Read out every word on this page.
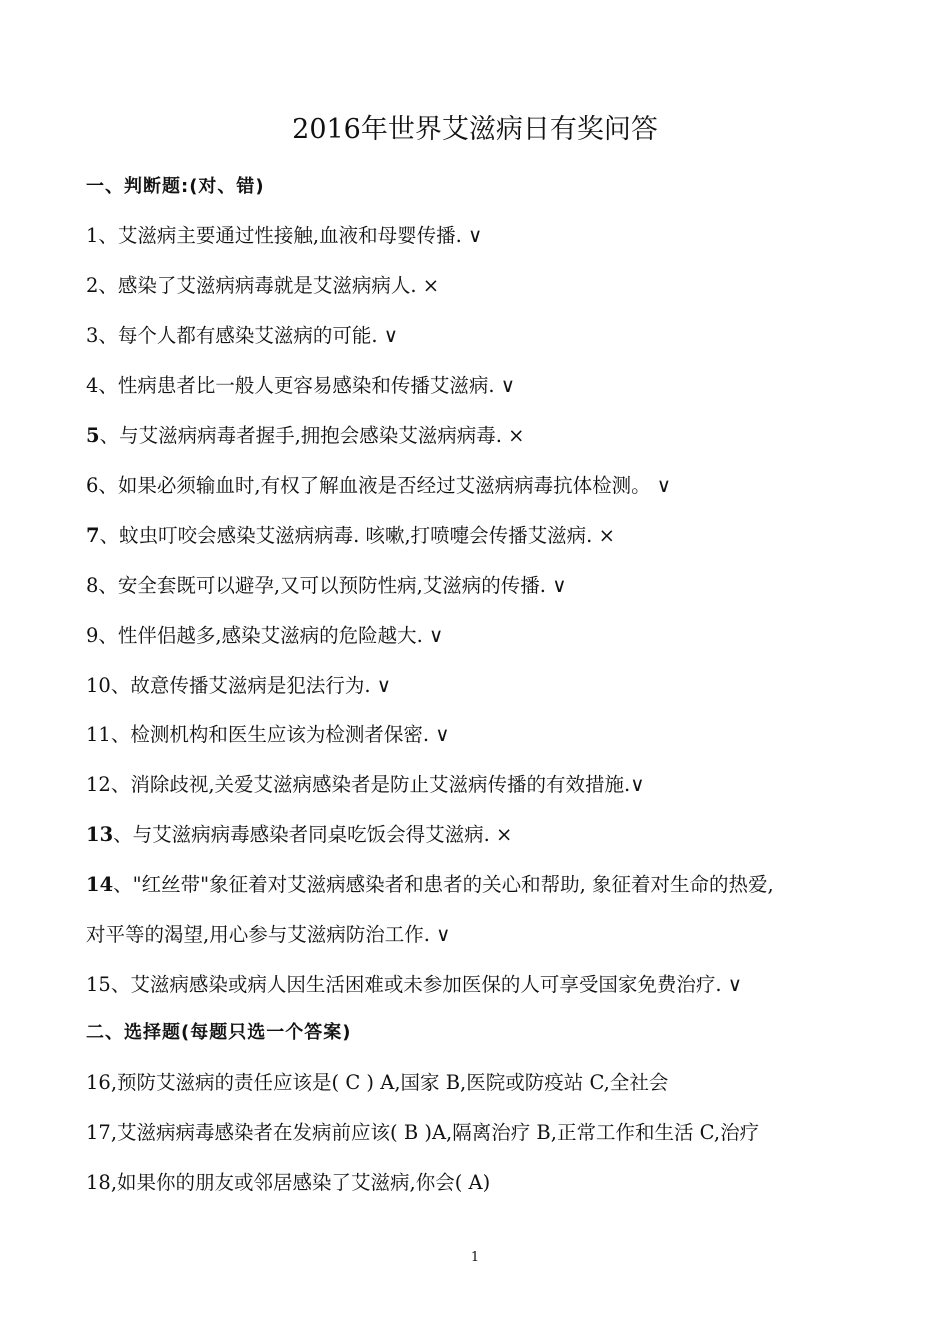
2016年世界艾滋病日有奖问答
一、判断题:(对、错)
1、艾滋病主要通过性接触,血液和母婴传播. ∨
2、感染了艾滋病病毒就是艾滋病病人. ×
3、每个人都有感染艾滋病的可能. ∨
4、性病患者比一般人更容易感染和传播艾滋病. ∨
5、与艾滋病病毒者握手,拥抱会感染艾滋病病毒. ×
6、如果必须输血时,有权了解血液是否经过艾滋病病毒抗体检测。 ∨
7、蚊虫叮咬会感染艾滋病病毒. 咳嗽,打喷嚏会传播艾滋病. ×
8、安全套既可以避孕,又可以预防性病,艾滋病的传播. ∨
9、性伴侣越多,感染艾滋病的危险越大. ∨
10、故意传播艾滋病是犯法行为. ∨
11、检测机构和医生应该为检测者保密. ∨
12、消除歧视,关爱艾滋病感染者是防止艾滋病传播的有效措施.∨
13、与艾滋病病毒感染者同桌吃饭会得艾滋病. ×
14、"红丝带"象征着对艾滋病感染者和患者的关心和帮助, 象征着对生命的热爱,
对平等的渴望,用心参与艾滋病防治工作. ∨
15、艾滋病感染或病人因生活困难或未参加医保的人可享受国家免费治疗. ∨
二、选择题(每题只选一个答案)
16,预防艾滋病的责任应该是( C ) A,国家 B,医院或防疫站 C,全社会
17,艾滋病病毒感染者在发病前应该( B )A,隔离治疗 B,正常工作和生活 C,治疗
18,如果你的朋友或邻居感染了艾滋病,你会( A)
1
